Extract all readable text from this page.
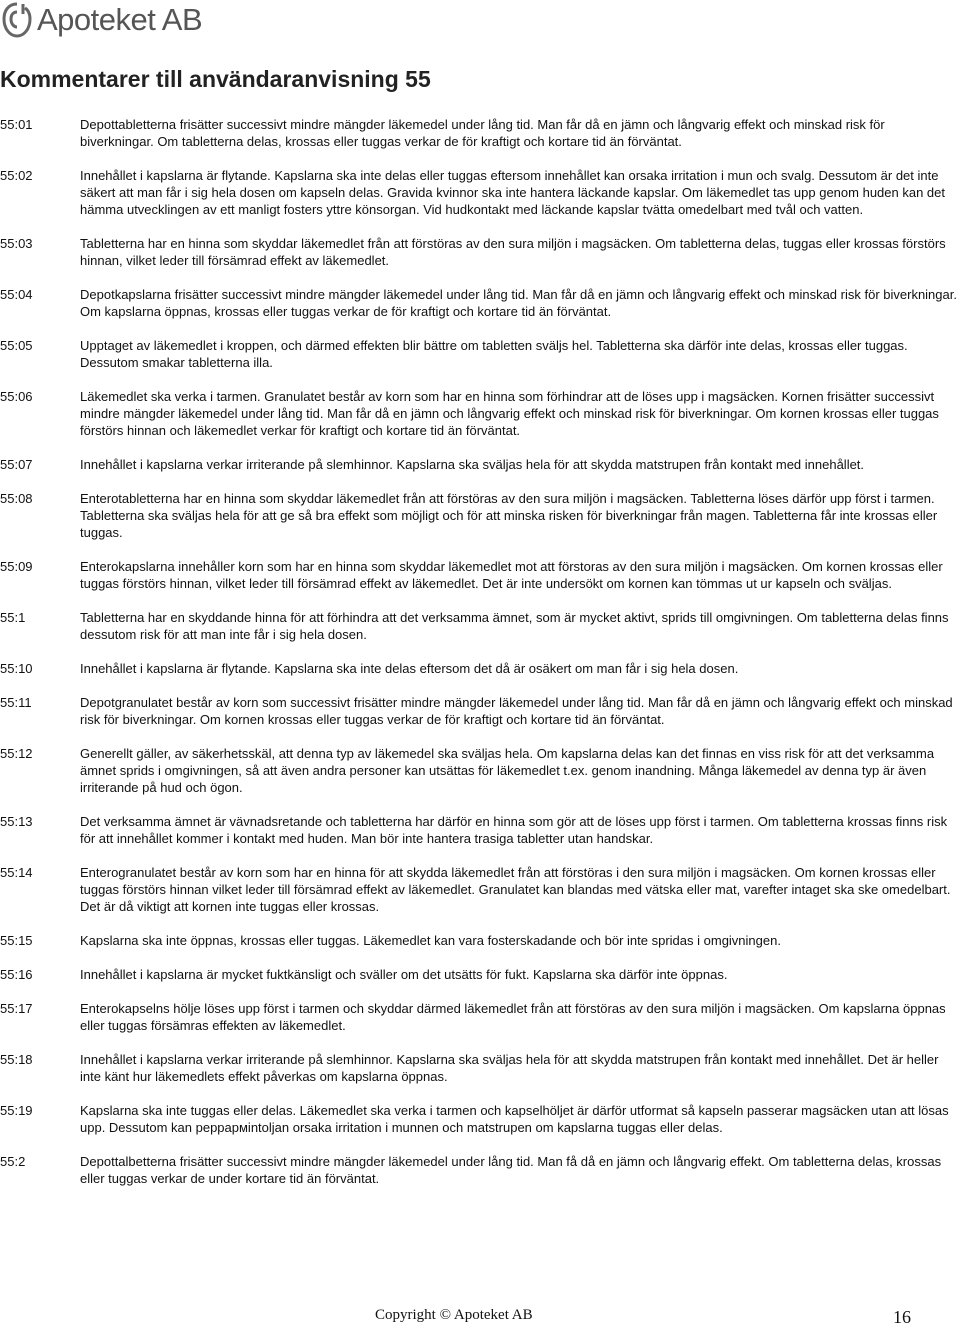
Apoteket AB
Kommentarer till användaranvisning 55
55:01	Depottabletterna frisätter successivt mindre mängder läkemedel under lång tid. Man får då en jämn och långvarig effekt och minskad risk för biverkningar. Om tabletterna delas, krossas eller tuggas verkar de för kraftigt och kortare tid än förväntat.
55:02	Innehållet i kapslarna är flytande. Kapslarna ska inte delas eller tuggas eftersom innehållet kan orsaka irritation i mun och svalg. Dessutom är det inte säkert att man får i sig hela dosen om kapseln delas. Gravida kvinnor ska inte hantera läckande kapslar. Om läkemedlet tas upp genom huden kan det hämma utvecklingen av ett manligt fosters yttre könsorgan. Vid hudkontakt med läckande kapslar tvätta omedelbart med tvål och vatten.
55:03	Tabletterna har en hinna som skyddar läkemedlet från att förstöras av den sura miljön i magsäcken. Om tabletterna delas, tuggas eller krossas förstörs hinnan, vilket leder till försämrad effekt av läkemedlet.
55:04	Depotkapslarna frisätter successivt mindre mängder läkemedel under lång tid. Man får då en jämn och långvarig effekt och minskad risk för biverkningar. Om kapslarna öppnas, krossas eller tuggas verkar de för kraftigt och kortare tid än förväntat.
55:05	Upptaget av läkemedlet i kroppen, och därmed effekten blir bättre om tabletten sväljs hel. Tabletterna ska därför inte delas, krossas eller tuggas. Dessutom smakar tabletterna illa.
55:06	Läkemedlet ska verka i tarmen. Granulatet består av korn som har en hinna som förhindrar att de löses upp i magsäcken. Kornen frisätter successivt mindre mängder läkemedel under lång tid. Man får då en jämn och långvarig effekt och minskad risk för biverkningar. Om kornen krossas eller tuggas förstörs hinnan och läkemedlet verkar för kraftigt och kortare tid än förväntat.
55:07	Innehållet i kapslarna verkar irriterande på slemhinnor. Kapslarna ska sväljas hela för att skydda matstrupen från kontakt med innehållet.
55:08	Enterotabletterna har en hinna som skyddar läkemedlet från att förstöras av den sura miljön i magsäcken. Tabletterna löses därför upp först i tarmen. Tabletterna ska sväljas hela för att ge så bra effekt som möjligt och för att minska risken för biverkningar från magen. Tabletterna får inte krossas eller tuggas.
55:09	Enterokapslarna innehåller korn som har en hinna som skyddar läkemedlet mot att förstoras av den sura miljön i magsäcken. Om kornen krossas eller tuggas förstörs hinnan, vilket leder till försämrad effekt av läkemedlet. Det är inte undersökt om kornen kan tömmas ut ur kapseln och sväljas.
55:1	Tabletterna har en skyddande hinna för att förhindra att det verksamma ämnet, som är mycket aktivt, sprids till omgivningen. Om tabletterna delas finns dessutom risk för att man inte får i sig hela dosen.
55:10	Innehållet i kapslarna är flytande. Kapslarna ska inte delas eftersom det då är osäkert om man får i sig hela dosen.
55:11	Depotgranulatet består av korn som successivt frisätter mindre mängder läkemedel under lång tid. Man får då en jämn och långvarig effekt och minskad risk för biverkningar. Om kornen krossas eller tuggas verkar de för kraftigt och kortare tid än förväntat.
55:12	Generellt gäller, av säkerhetsskäl, att denna typ av läkemedel ska sväljas hela. Om kapslarna delas kan det finnas en viss risk för att det verksamma ämnet sprids i omgivningen, så att även andra personer kan utsättas för läkemedlet t.ex. genom inandning. Många läkemedel av denna typ är även irriterande på hud och ögon.
55:13	Det verksamma ämnet är vävnadsretande och tabletterna har därför en hinna som gör att de löses upp först i tarmen. Om tabletterna krossas finns risk för att innehållet kommer i kontakt med huden. Man bör inte hantera trasiga tabletter utan handskar.
55:14	Enterogranulatet består av korn som har en hinna för att skydda läkemedlet från att förstöras i den sura miljön i magsäcken. Om kornen krossas eller tuggas förstörs hinnan vilket leder till försämrad effekt av läkemedlet. Granulatet kan blandas med vätska eller mat, varefter intaget ska ske omedelbart. Det är då viktigt att kornen inte tuggas eller krossas.
55:15	Kapslarna ska inte öppnas, krossas eller tuggas. Läkemedlet kan vara fosterskadande och bör inte spridas i omgivningen.
55:16	Innehållet i kapslarna är mycket fuktkänsligt och sväller om det utsätts för fukt. Kapslarna ska därför inte öppnas.
55:17	Enterokapselns hölje löses upp först i tarmen och skyddar därmed läkemedlet från att förstöras av den sura miljön i magsäcken. Om kapslarna öppnas eller tuggas försämras effekten av läkemedlet.
55:18	Innehållet i kapslarna verkar irriterande på slemhinnor. Kapslarna ska sväljas hela för att skydda matstrupen från kontakt med innehållet. Det är heller inte känt hur läkemedlets effekt påverkas om kapslarna öppnas.
55:19	Kapslarna ska inte tuggas eller delas. Läkemedlet ska verka i tarmen och kapselhöljet är därför utformat så kapseln passerar magsäcken utan att lösas upp. Dessutom kan peppармintoljan orsaka irritation i munnen och matstrupen om kapslarna tuggas eller delas.
55:2	Depottalbetterna frisätter successivt mindre mängder läkemedel under lång tid. Man få då en jämn och långvarig effekt. Om tabletterna delas, krossas eller tuggas verkar de under kortare tid än förväntat.
Copyright © Apoteket AB	16
